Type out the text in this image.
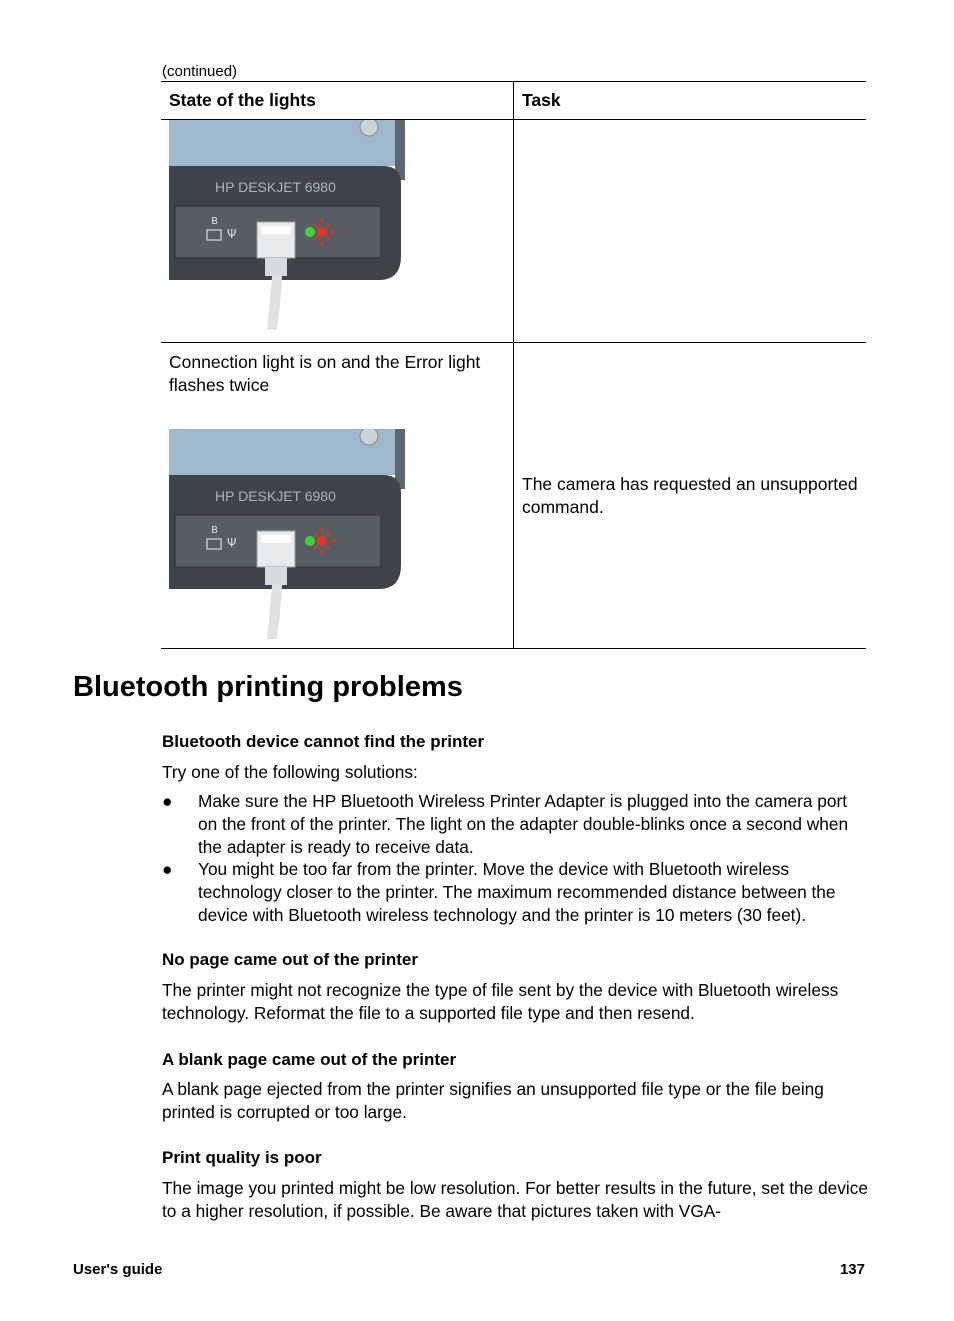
(continued)
State of the lights	Task

HP DESKJET 6980
ʙ
Ψ	

Connection light is on and the Error light flashes twice
HP DESKJET 6980
ʙ
Ψ	The camera has requested an unsupported command.
Bluetooth printing problems
Bluetooth device cannot find the printer

Try one of the following solutions:

● Make sure the HP Bluetooth Wireless Printer Adapter is plugged into the camera port on the front of the printer. The light on the adapter double-blinks once a second when the adapter is ready to receive data.
● You might be too far from the printer. Move the device with Bluetooth wireless technology closer to the printer. The maximum recommended distance between the device with Bluetooth wireless technology and the printer is 10 meters (30 feet).
No page came out of the printer

The printer might not recognize the type of file sent by the device with Bluetooth wireless technology. Reformat the file to a supported file type and then resend.

A blank page came out of the printer

A blank page ejected from the printer signifies an unsupported file type or the file being printed is corrupted or too large.

Print quality is poor

The image you printed might be low resolution. For better results in the future, set the device to a higher resolution, if possible. Be aware that pictures taken with VGA-

User's guide	137
